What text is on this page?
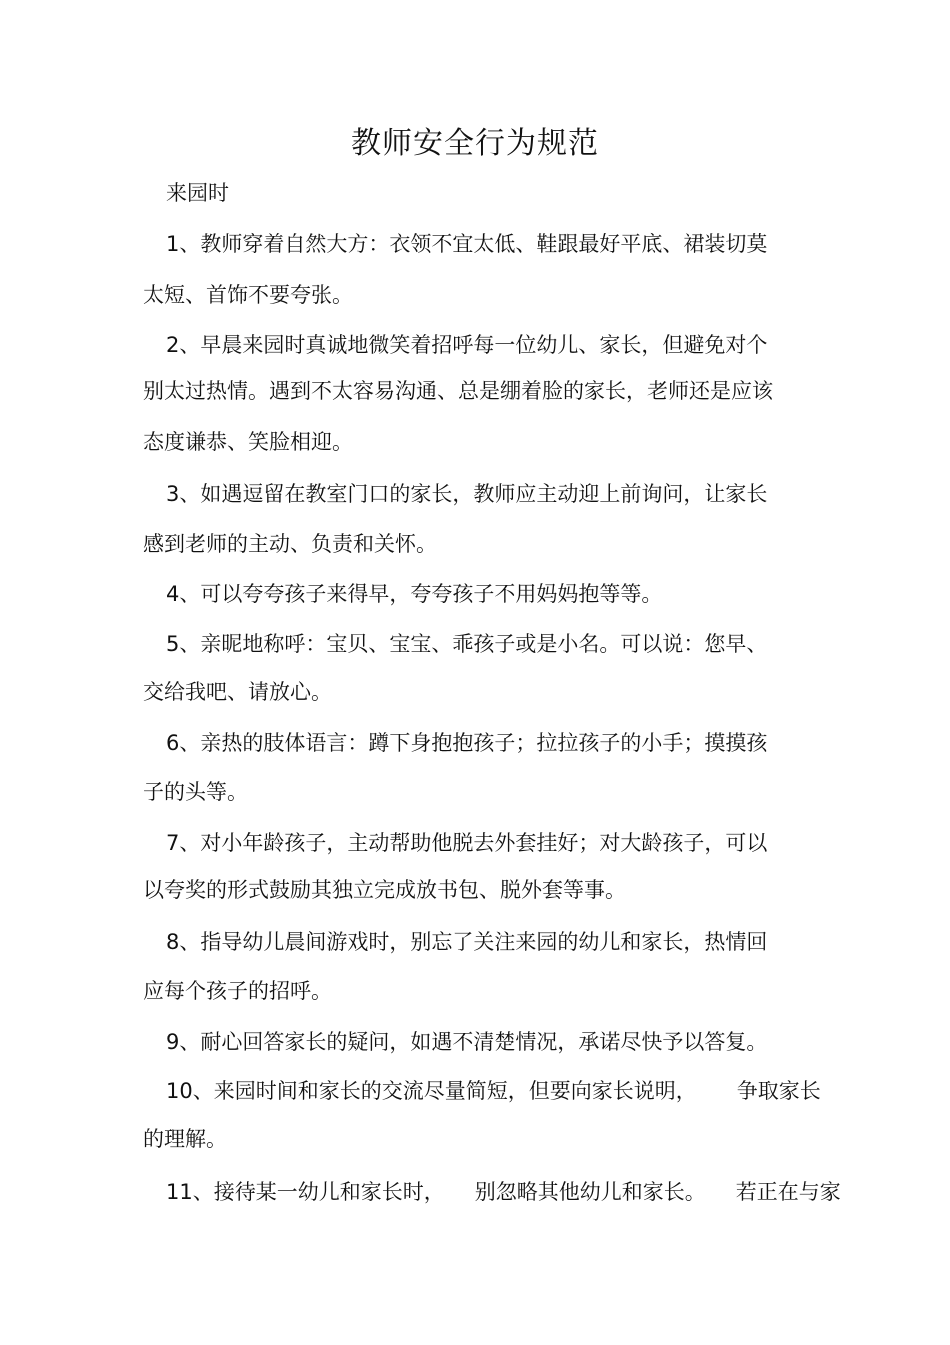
教师安全行为规范
来园时
1、教师穿着自然大方：衣领不宜太低、鞋跟最好平底、裙装切莫
太短、首饰不要夸张。
2、早晨来园时真诚地微笑着招呼每一位幼儿、家长，但避免对个
别太过热情。遇到不太容易沟通、总是绷着脸的家长，老师还是应该
态度谦恭、笑脸相迎。
3、如遇逗留在教室门口的家长，教师应主动迎上前询问，让家长
感到老师的主动、负责和关怀。
4、可以夸夸孩子来得早，夸夸孩子不用妈妈抱等等。
5、亲昵地称呼：宝贝、宝宝、乖孩子或是小名。可以说：您早、
交给我吧、请放心。
6、亲热的肢体语言：蹲下身抱抱孩子；拉拉孩子的小手；摸摸孩
子的头等。
7、对小年龄孩子，主动帮助他脱去外套挂好；对大龄孩子，可以
以夸奖的形式鼓励其独立完成放书包、脱外套等事。
8、指导幼儿晨间游戏时，别忘了关注来园的幼儿和家长，热情回
应每个孩子的招呼。
9、耐心回答家长的疑问，如遇不清楚情况，承诺尽快予以答复。
10、来园时间和家长的交流尽量简短，但要向家长说明， 争取家长
的理解。
11、接待某一幼儿和家长时， 别忽略其他幼儿和家长。 若正在与家
